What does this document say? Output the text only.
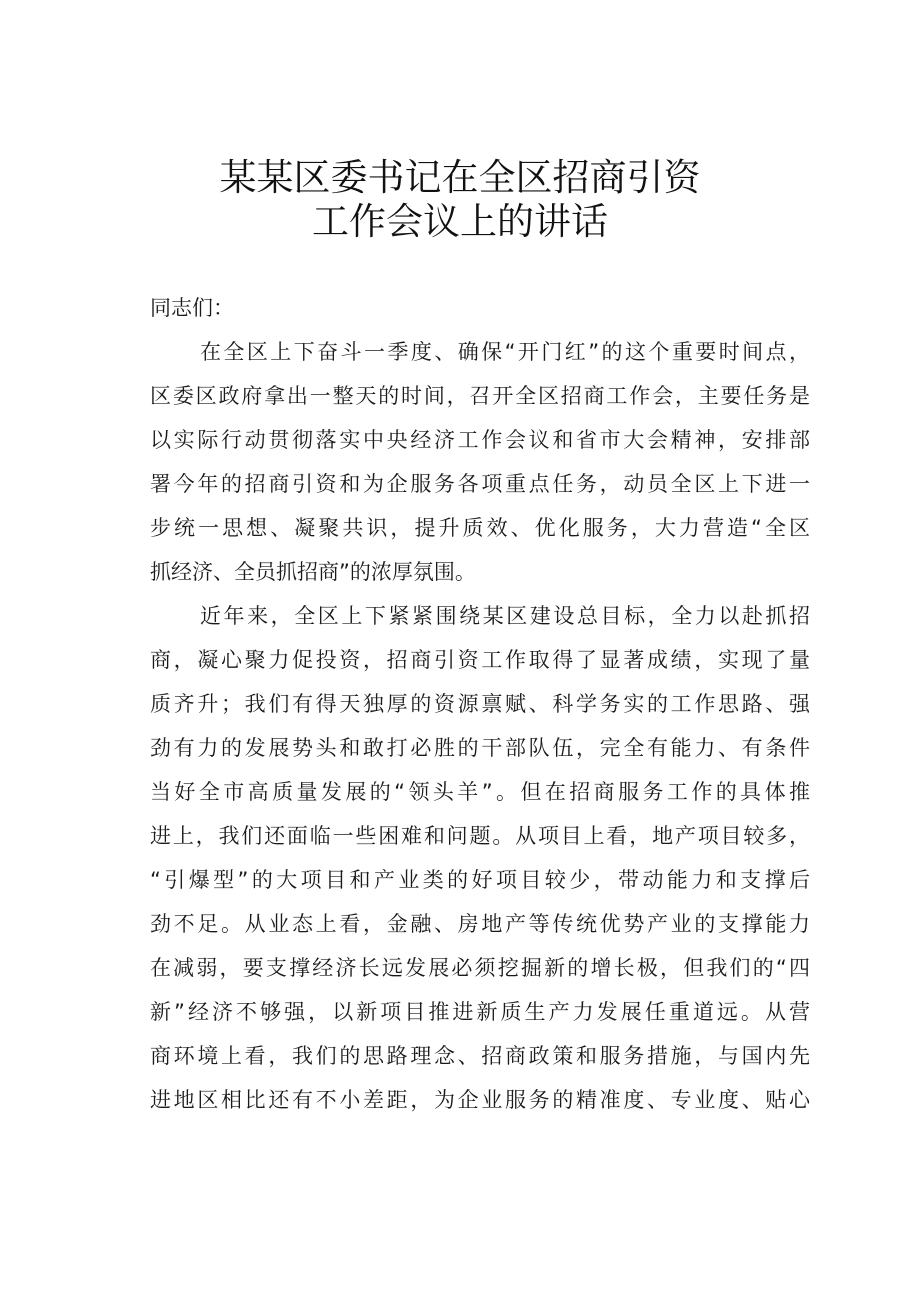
某某区委书记在全区招商引资
工作会议上的讲话
同志们：
在全区上下奋斗一季度、确保“开门红”的这个重要时间点，
区委区政府拿出一整天的时间，召开全区招商工作会，主要任务是
以实际行动贯彻落实中央经济工作会议和省市大会精神，安排部
署今年的招商引资和为企服务各项重点任务，动员全区上下进一
步统一思想、凝聚共识，提升质效、优化服务，大力营造“全区
抓经济、全员抓招商”的浓厚氛围。
近年来，全区上下紧紧围绕某区建设总目标，全力以赴抓招
商，凝心聚力促投资，招商引资工作取得了显著成绩，实现了量
质齐升；我们有得天独厚的资源禀赋、科学务实的工作思路、强
劲有力的发展势头和敢打必胜的干部队伍，完全有能力、有条件
当好全市高质量发展的“领头羊”。但在招商服务工作的具体推
进上，我们还面临一些困难和问题。从项目上看，地产项目较多，
“引爆型”的大项目和产业类的好项目较少，带动能力和支撑后
劲不足。从业态上看，金融、房地产等传统优势产业的支撑能力
在减弱，要支撑经济长远发展必须挖掘新的增长极，但我们的“四
新”经济不够强，以新项目推进新质生产力发展任重道远。从营
商环境上看，我们的思路理念、招商政策和服务措施，与国内先
进地区相比还有不小差距，为企业服务的精准度、专业度、贴心
